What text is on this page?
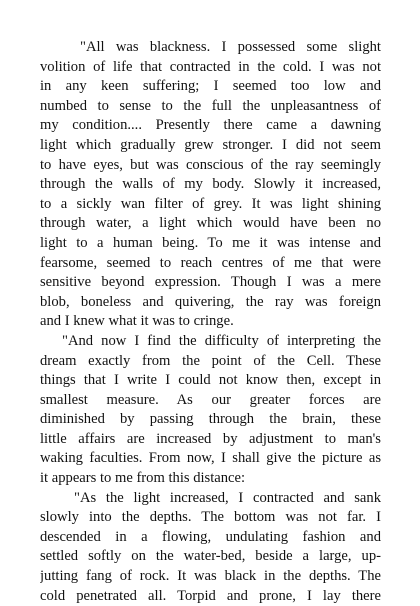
"All was blackness. I possessed some slight
volition of life that contracted in the cold. I was not
in any keen suffering; I seemed too low and
numbed to sense to the full the unpleasantness of
my condition.... Presently there came a dawning
light which gradually grew stronger. I did not seem
to have eyes, but was conscious of the ray seemingly
through the walls of my body. Slowly it increased,
to a sickly wan filter of grey. It was light shining
through water, a light which would have been no
light to a human being. To me it was intense and
fearsome, seemed to reach centres of me that were
sensitive beyond expression. Though I was a mere
blob, boneless and quivering, the ray was foreign
and I knew what it was to cringe.
"And now I find the difficulty of interpreting the
dream exactly from the point of the Cell. These
things that I write I could not know then, except in
smallest measure. As our greater forces are
diminished by passing through the brain, these
little affairs are increased by adjustment to man's
waking faculties. From now, I shall give the picture as
it appears to me from this distance:
"As the light increased, I contracted and sank
slowly into the depths. The bottom was not far. I
descended in a flowing, undulating fashion and
settled softly on the water-bed, beside a large, up-
jutting fang of rock. It was black in the depths. The
cold penetrated all. Torpid and prone, I lay there
